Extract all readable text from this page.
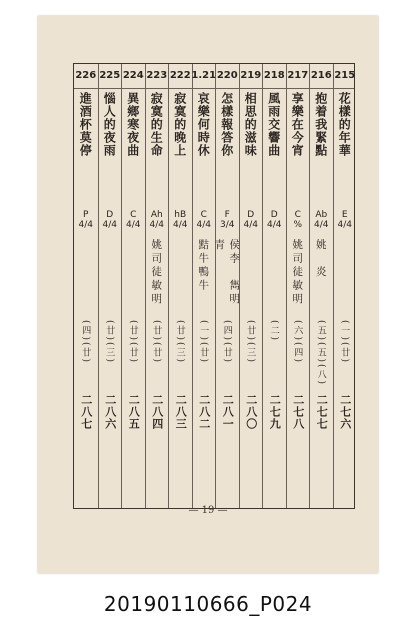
226
進酒杯莫停
(四)(廿)
二八七
P
4/4
225
惱人的夜雨
(廿)(三)
二八六
D
4/4
224
異鄉寒夜曲
(廿)(廿)
二八五
C
4/4
223
寂寞的生命
姚司徒敏明
(廿)(廿)
二八四
Ah
4/4
222
寂寞的晚上
(廿)(三)
二八三
hB
4/4
1.21
哀樂何時休
黠牛鴨牛
(一)(廿)
二八二
C
4/4
220
怎樣報答你
侯李　雋明青
(四)(廿)
二八一
F
3/4
219
相思的滋味
(廿)(三)
二八〇
D
4/4
218
風雨交響曲
(二)
二七九
D
4/4
217
享樂在今宵
姚司徒敏明
(六)(四)
二七八
C
%
216
抱着我緊點
姚　炎
(五)(五)(八)
二七七
Ab
4/4
215
花樣的年華
(一)(廿)
二七六
E
4/4
— 19 —
20190110666_P024
